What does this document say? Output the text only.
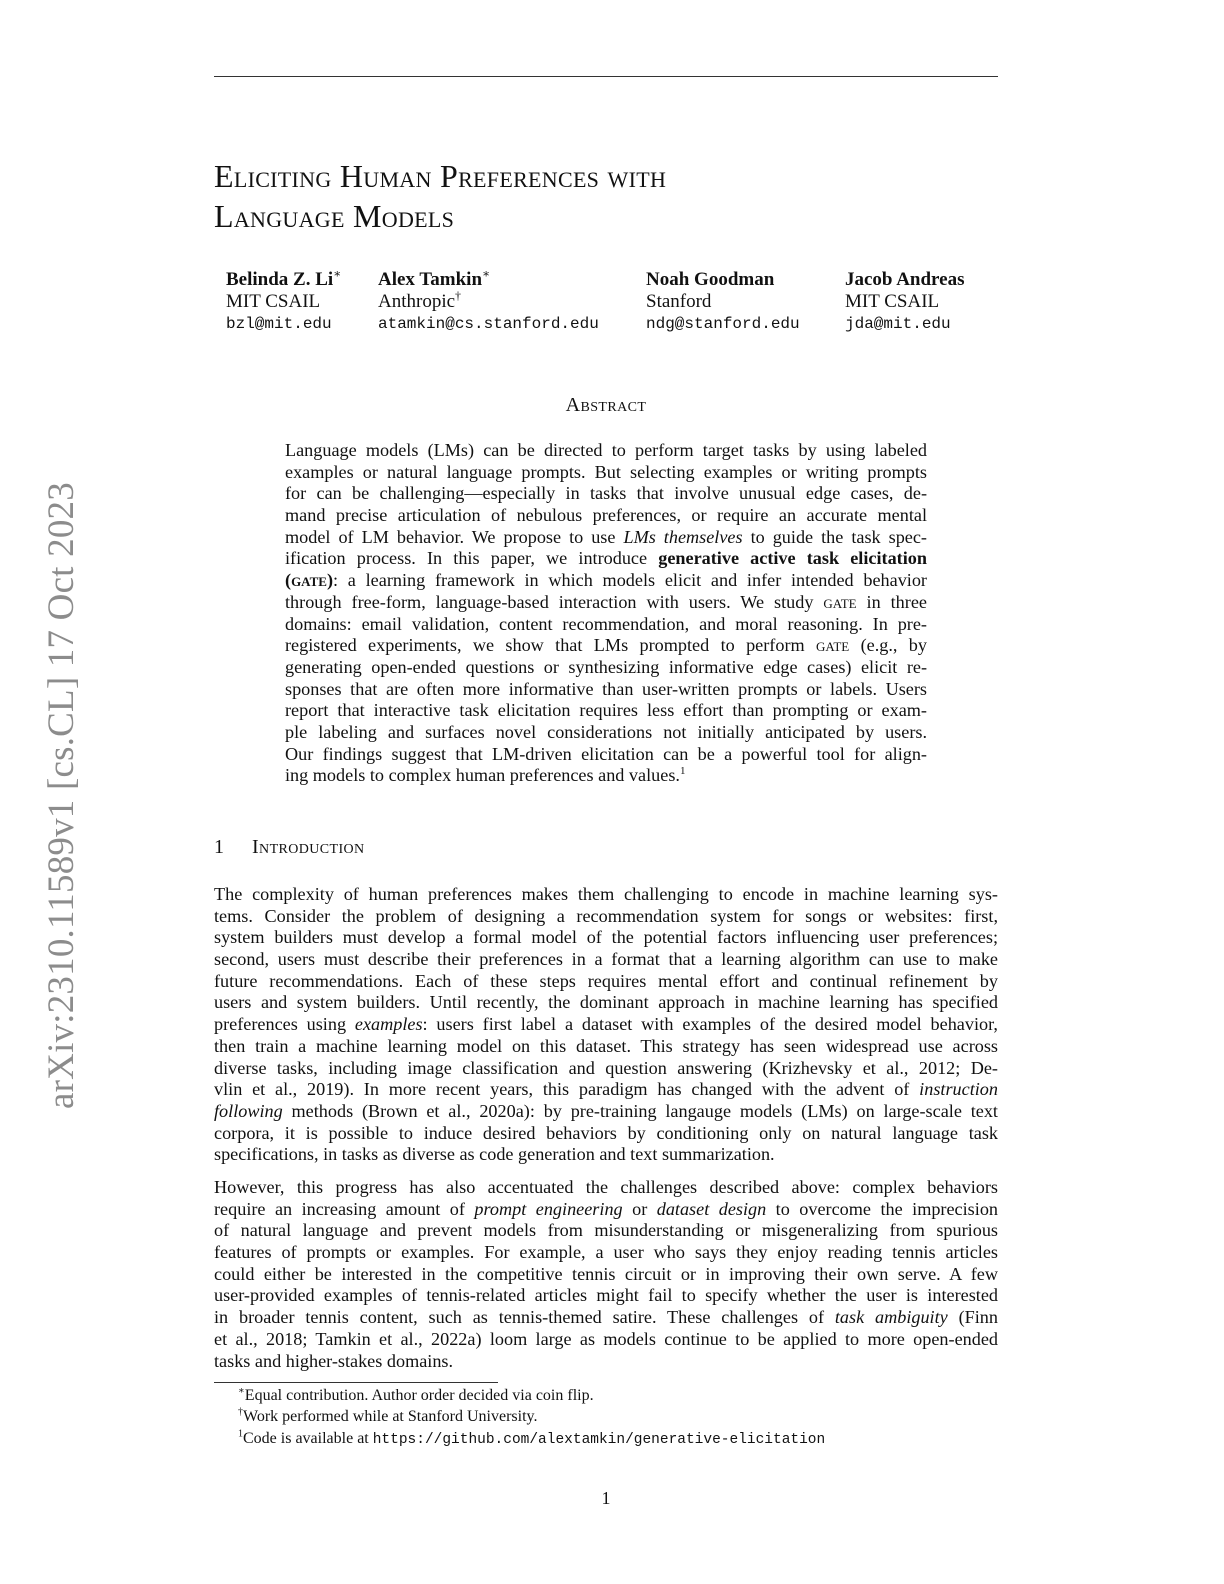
arXiv:2310.11589v1 [cs.CL] 17 Oct 2023
Eliciting Human Preferences with
Language Models
Belinda Z. Li∗
MIT CSAIL
bzl@mit.edu
Alex Tamkin∗
Anthropic†
atamkin@cs.stanford.edu
Noah Goodman
Stanford
ndg@stanford.edu
Jacob Andreas
MIT CSAIL
jda@mit.edu
Abstract
Language models (LMs) can be directed to perform target tasks by using labeled
examples or natural language prompts. But selecting examples or writing prompts
for can be challenging—especially in tasks that involve unusual edge cases, de-
mand precise articulation of nebulous preferences, or require an accurate mental
model of LM behavior. We propose to use LMs themselves to guide the task spec-
ification process. In this paper, we introduce generative active task elicitation
(gate): a learning framework in which models elicit and infer intended behavior
through free-form, language-based interaction with users. We study gate in three
domains: email validation, content recommendation, and moral reasoning. In pre-
registered experiments, we show that LMs prompted to perform gate (e.g., by
generating open-ended questions or synthesizing informative edge cases) elicit re-
sponses that are often more informative than user-written prompts or labels. Users
report that interactive task elicitation requires less effort than prompting or exam-
ple labeling and surfaces novel considerations not initially anticipated by users.
Our findings suggest that LM-driven elicitation can be a powerful tool for align-
ing models to complex human preferences and values.$^1$
1 Introduction
The complexity of human preferences makes them challenging to encode in machine learning sys-
tems. Consider the problem of designing a recommendation system for songs or websites: first,
system builders must develop a formal model of the potential factors influencing user preferences;
second, users must describe their preferences in a format that a learning algorithm can use to make
future recommendations. Each of these steps requires mental effort and continual refinement by
users and system builders. Until recently, the dominant approach in machine learning has specified
preferences using examples: users first label a dataset with examples of the desired model behavior,
then train a machine learning model on this dataset. This strategy has seen widespread use across
diverse tasks, including image classification and question answering (Krizhevsky et al., 2012; De-
vlin et al., 2019). In more recent years, this paradigm has changed with the advent of instruction
following methods (Brown et al., 2020a): by pre-training langauge models (LMs) on large-scale text
corpora, it is possible to induce desired behaviors by conditioning only on natural language task
specifications, in tasks as diverse as code generation and text summarization.
However, this progress has also accentuated the challenges described above: complex behaviors
require an increasing amount of prompt engineering or dataset design to overcome the imprecision
of natural language and prevent models from misunderstanding or misgeneralizing from spurious
features of prompts or examples. For example, a user who says they enjoy reading tennis articles
could either be interested in the competitive tennis circuit or in improving their own serve. A few
user-provided examples of tennis-related articles might fail to specify whether the user is interested
in broader tennis content, such as tennis-themed satire. These challenges of task ambiguity (Finn
et al., 2018; Tamkin et al., 2022a) loom large as models continue to be applied to more open-ended
tasks and higher-stakes domains.
∗Equal contribution. Author order decided via coin flip.
†Work performed while at Stanford University.
$^1$Code is available at https://github.com/alextamkin/generative-elicitation
1
